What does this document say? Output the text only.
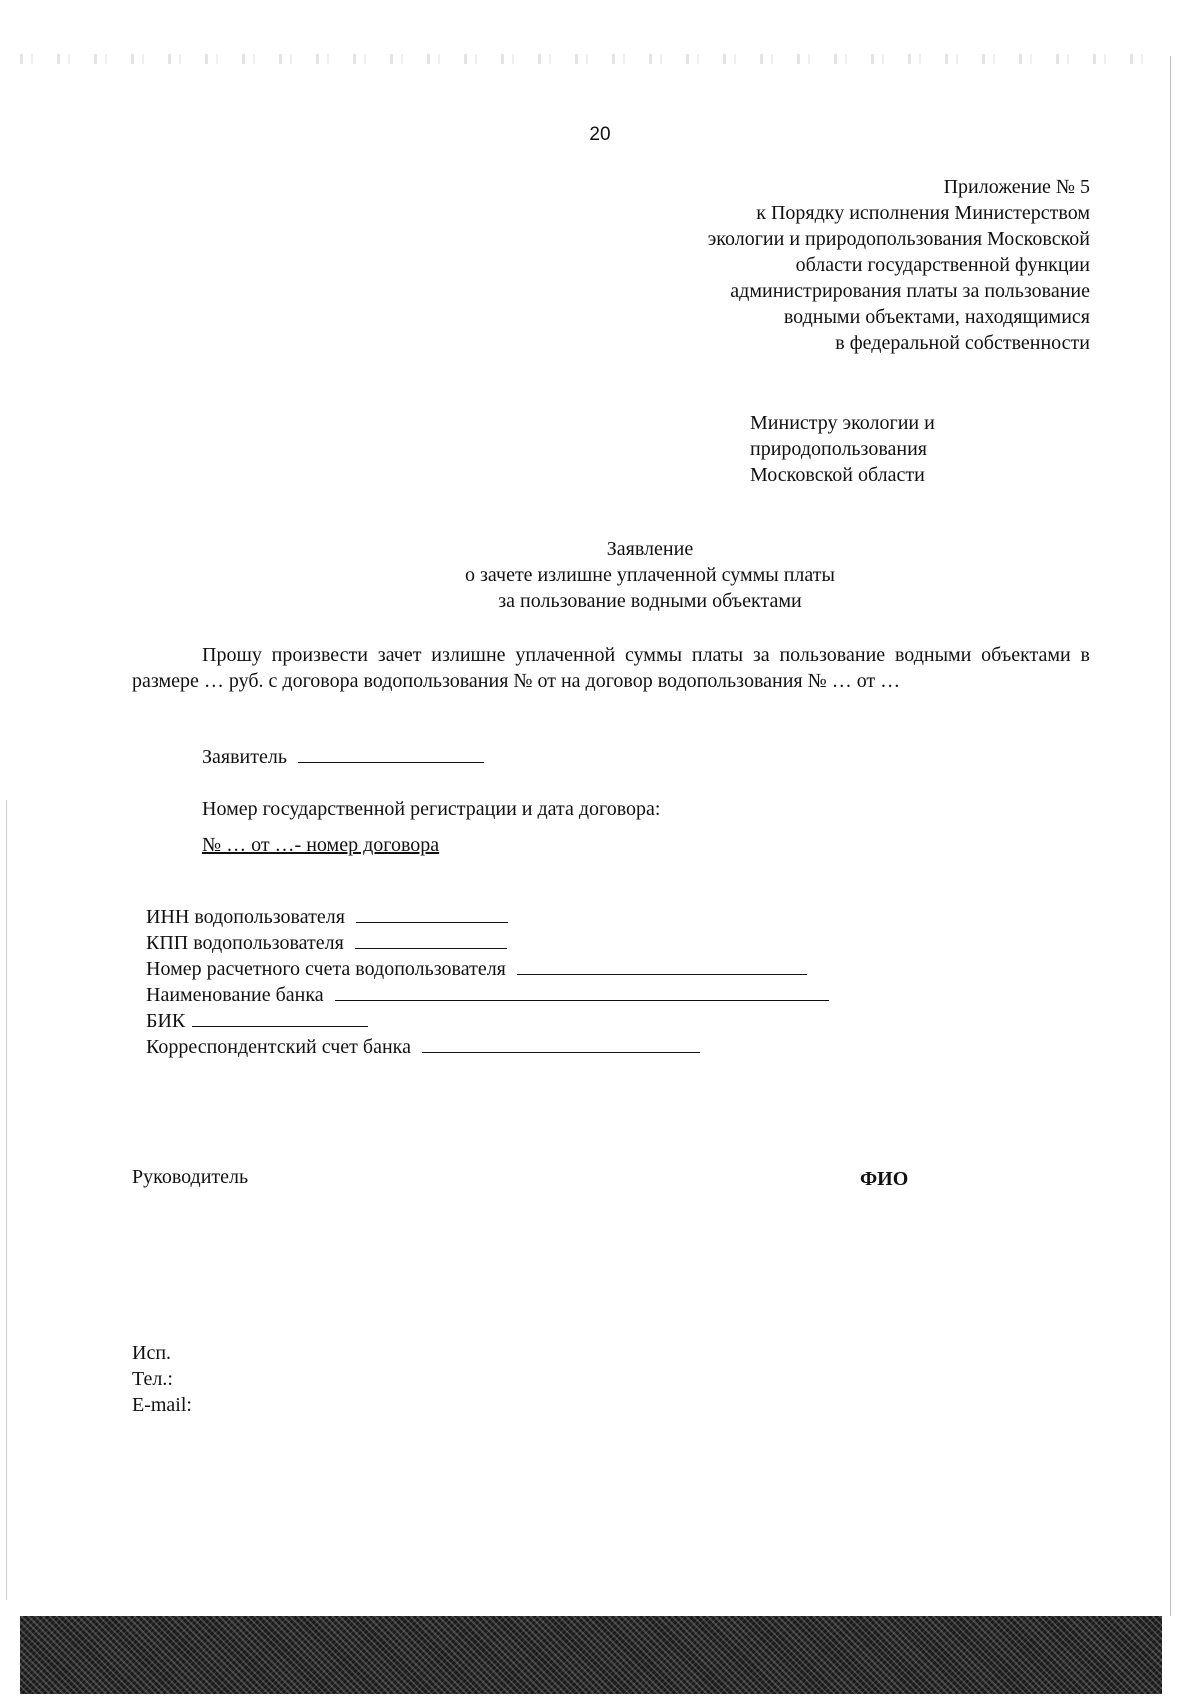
20
Приложение № 5
к Порядку исполнения Министерством
экологии и природопользования Московской
области государственной функции
администрирования платы за пользование
водными объектами, находящимися
в федеральной собственности
Министру экологии и
природопользования
Московской области
Заявление
о зачете излишне уплаченной суммы платы
за пользование водными объектами
Прошу произвести зачет излишне уплаченной суммы платы за пользование водными объектами в размере … руб. с договора водопользования № от на договор водопользования № … от …
Заявитель
Номер государственной регистрации и дата договора:
№ … от …- номер договора
ИНН водопользователя
КПП водопользователя
Номер расчетного счета водопользователя
Наименование банка
БИК
Корреспондентский счет банка
Руководитель	ФИО
Исп.
Тел.:
E-mail:
